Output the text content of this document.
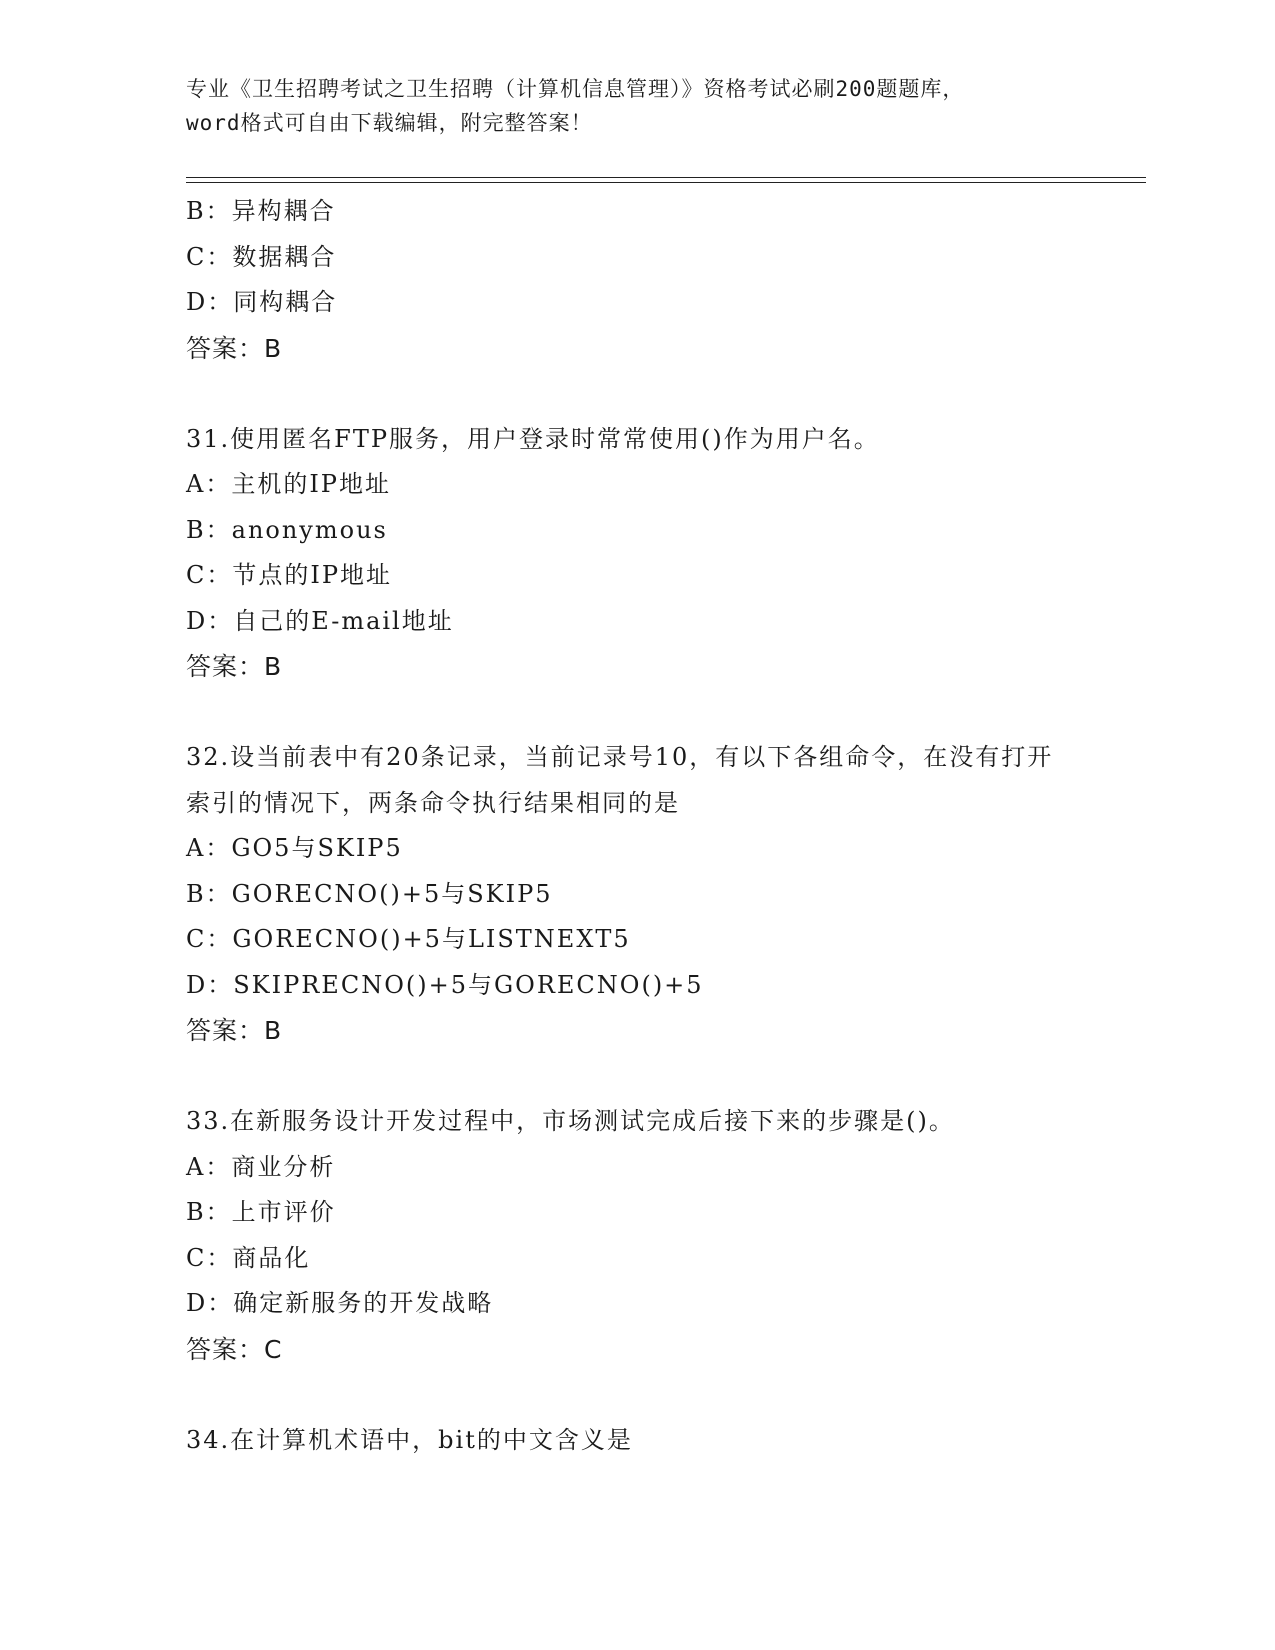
专业《卫生招聘考试之卫生招聘（计算机信息管理）》资格考试必刷200题题库，
word格式可自由下载编辑，附完整答案！
B：异构耦合
C：数据耦合
D：同构耦合
答案：B
31.使用匿名FTP服务，用户登录时常常使用()作为用户名。
A：主机的IP地址
B：anonymous
C：节点的IP地址
D：自己的E-mail地址
答案：B
32.设当前表中有20条记录，当前记录号10，有以下各组命令，在没有打开索引的情况下，两条命令执行结果相同的是
A：GO5与SKIP5
B：GORECNO()+5与SKIP5
C：GORECNO()+5与LISTNEXT5
D：SKIPRECNO()+5与GORECNO()+5
答案：B
33.在新服务设计开发过程中，市场测试完成后接下来的步骤是()。
A：商业分析
B：上市评价
C：商品化
D：确定新服务的开发战略
答案：C
34.在计算机术语中，bit的中文含义是
